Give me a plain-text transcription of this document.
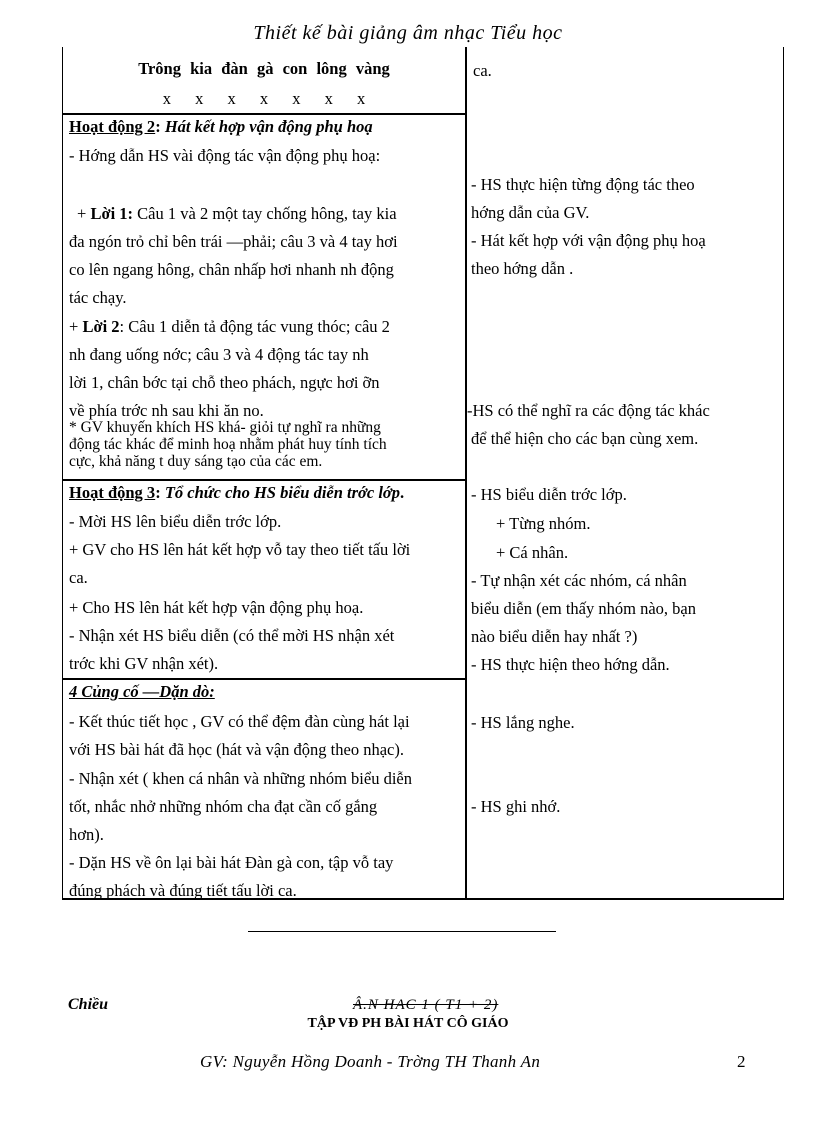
Thiết kế bài giảng âm nhạc Tiểu học
Trông kia đàn gà con lông vàng
x x x x x x x
Hoạt động 2: Hát kết hợp vận động phụ hoạ
- Hớng dẫn HS vài động tác vận động phụ hoạ:
+ Lời 1: Câu 1 và 2 một tay chống hông, tay kia
đa ngón trỏ chỉ bên trái —phải; câu 3 và 4 tay hơi
co lên ngang hông, chân nhấp hơi nhanh nh động
tác chạy.
+ Lời 2: Câu 1 diễn tả động tác vung thóc; câu 2
nh đang uống nớc; câu 3 và 4 động tác tay nh
lời 1, chân bớc tại chỗ theo phách, ngực hơi ỡn
về phía trớc nh sau khi ăn no.
* GV khuyến khích HS khá- giỏi tự nghĩ ra những
động tác khác để minh hoạ nhằm phát huy tính tích
cực, khả năng t duy sáng tạo của các em.
Hoạt động 3: Tổ chức cho HS biểu diễn trớc lớp.
- Mời HS lên biểu diễn trớc lớp.
+ GV cho HS lên hát kết hợp vỗ tay theo tiết tấu lời
ca.
+ Cho HS lên hát kết hợp vận động phụ hoạ.
- Nhận xét HS biểu diễn (có thể mời HS nhận xét
trớc khi GV nhận xét).
4 Củng cố —Dặn dò:
- Kết thúc tiết học , GV có thể đệm đàn cùng hát lại
với HS bài hát đã học (hát và vận động theo nhạc).
- Nhận xét ( khen cá nhân và những nhóm biểu diễn
tốt, nhắc nhở những nhóm cha đạt cần cố gắng
hơn).
- Dặn HS về ôn lại bài hát Đàn gà con, tập vỗ tay
đúng phách và đúng tiết tấu lời ca.
ca.
- HS thực hiện từng động tác theo
hớng dẫn của GV.
- Hát kết hợp với vận động phụ hoạ
theo hớng dẫn .
-HS có thể nghĩ ra các động tác khác
để thể hiện cho các bạn cùng xem.
- HS biểu diễn trớc lớp.
+ Từng nhóm.
+ Cá nhân.
- Tự nhận xét các nhóm, cá nhân
biểu diễn (em thấy nhóm nào, bạn
nào biểu diễn hay nhất ?)
- HS thực hiện theo hớng dẫn.
- HS lắng nghe.
- HS ghi nhớ.
Chiều	Â.N HAC 1 ( T1 + 2)
TẬP VĐ PH BÀI HÁT CÔ GIÁO
GV: Nguyễn Hồng Doanh - Trờng TH Thanh An	2
